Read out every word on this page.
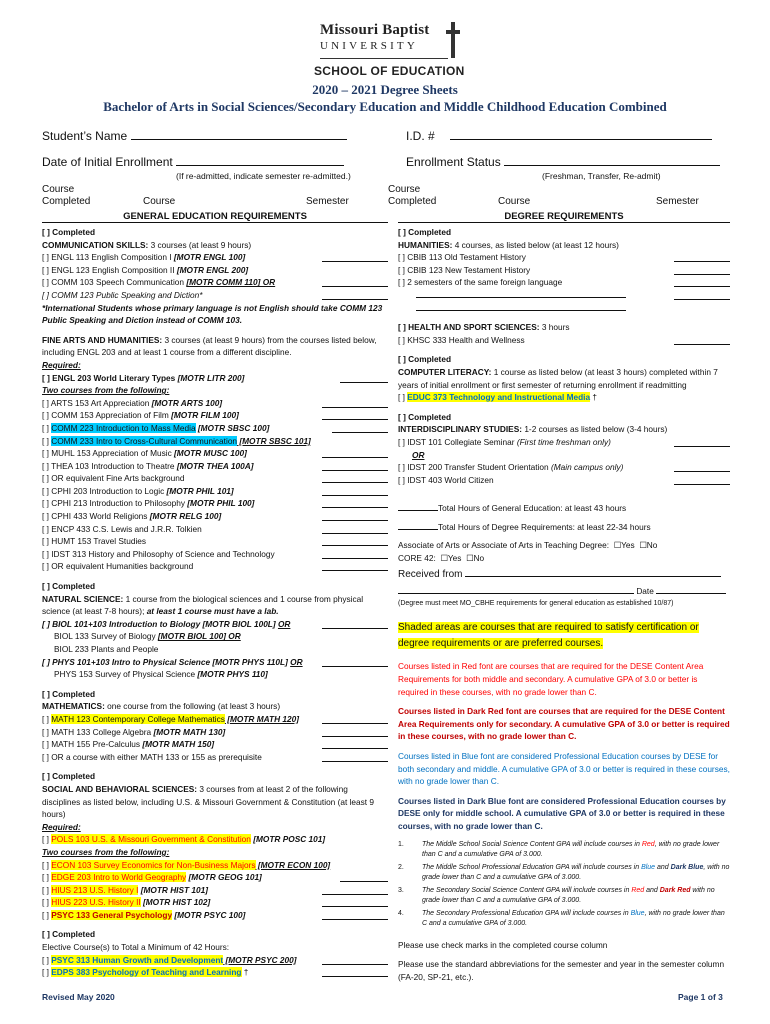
Missouri Baptist
UNIVERSITY
SCHOOL OF EDUCATION
2020 – 2021 Degree Sheets
Bachelor of Arts in Social Sciences/Secondary Education and Middle Childhood Education Combined
Student’s Name	I.D. #
Date of Initial Enrollment
(If re-admitted, indicate semester re-admitted.)
Enrollment Status
(Freshman, Transfer, Re-admit)
Course
Completed	Course	Semester
GENERAL EDUCATION REQUIREMENTS
Course
Completed	Course	Semester
DEGREE REQUIREMENTS

[ ] Completed

COMMUNICATION SKILLS: 3 courses (at least 9 hours)

[ ] ENGL 113 English Composition I [MOTR ENGL 100]

[ ] ENGL 123 English Composition II [MOTR ENGL 200]

[ ] COMM 103 Speech Communication [MOTR COMM 110] OR

[ ] COMM 123 Public Speaking and Diction*

*International Students whose primary language is not English should take COMM 123 Public Speaking and Diction instead of COMM 103.

FINE ARTS AND HUMANITIES: 3 courses (at least 9 hours) from the courses listed below, including ENGL 203 and at least 1 course from a different discipline.

Required:

[ ] ENGL 203 World Literary Types [MOTR LITR 200]

Two courses from the following:

[ ] ARTS 153 Art Appreciation [MOTR ARTS 100]

[ ] COMM 153 Appreciation of Film [MOTR FILM 100]

[ ] COMM 223 Introduction to Mass Media [MOTR SBSC 100]

[ ] COMM 233 Intro to Cross-Cultural Communication [MOTR SBSC 101]

[ ] MUHL 153 Appreciation of Music [MOTR MUSC 100]

[ ] THEA 103 Introduction to Theatre [MOTR THEA 100A]

[ ] OR equivalent Fine Arts background

[ ] CPHI 203 Introduction to Logic [MOTR PHIL 101]

[ ] CPHI 213 Introduction to Philosophy [MOTR PHIL 100]

[ ] CPHI 433 World Religions [MOTR RELG 100]

[ ] ENCP 433 C.S. Lewis and J.R.R. Tolkien

[ ] HUMT 153 Travel Studies

[ ] IDST 313 History and Philosophy of Science and Technology

[ ] OR equivalent Humanities background

[ ] Completed

NATURAL SCIENCE: 1 course from the biological sciences and 1 course from physical science (at least 7-8 hours); at least 1 course must have a lab.

[ ] BIOL 101+103 Introduction to Biology [MOTR BIOL 100L] OR

BIOL 133 Survey of Biology [MOTR BIOL 100] OR

BIOL 233 Plants and People

[ ] PHYS 101+103 Intro to Physical Science [MOTR PHYS 110L] OR

PHYS 153 Survey of Physical Science [MOTR PHYS 110]

[ ] Completed

MATHEMATICS: one course from the following (at least 3 hours)

[ ] MATH 123 Contemporary College Mathematics [MOTR MATH 120]

[ ] MATH 133 College Algebra [MOTR MATH 130]

[ ] MATH 155 Pre-Calculus [MOTR MATH 150]

[ ] OR a course with either MATH 133 or 155 as prerequisite

[ ] Completed

SOCIAL AND BEHAVIORAL SCIENCES: 3 courses from at least 2 of the following disciplines as listed below, including U.S. & Missouri Government & Constitution (at least 9 hours)

Required:

[ ] POLS 103 U.S. & Missouri Government & Constitution [MOTR POSC 101]

Two courses from the following:

[ ] ECON 103 Survey Economics for Non-Business Majors [MOTR ECON 100]

[ ] EDGE 203 Intro to World Geography [MOTR GEOG 101]

[ ] HIUS 213 U.S. History I [MOTR HIST 101]

[ ] HIUS 223 U.S. History II [MOTR HIST 102]

[ ] PSYC 133 General Psychology [MOTR PSYC 100]

[ ] Completed

Elective Course(s) to Total a Minimum of 42 Hours:

[ ] PSYC 313 Human Growth and Development [MOTR PSYC 200]

[ ] EDPS 383 Psychology of Teaching and Learning †

[ ] Completed

HUMANITIES: 4 courses, as listed below (at least 12 hours)

[ ] CBIB 113 Old Testament History

[ ] CBIB 123 New Testament History

[ ] 2 semesters of the same foreign language

[ ] HEALTH AND SPORT SCIENCES: 3 hours

[ ] KHSC 333 Health and Wellness

[ ] Completed

COMPUTER LITERACY: 1 course as listed below (at least 3 hours) completed within 7 years of initial enrollment or first semester of returning enrollment if readmitting

[ ] EDUC 373 Technology and Instructional Media †

[ ] Completed

INTERDISCIPLINARY STUDIES: 1-2 courses as listed below (3-4 hours)

[ ] IDST 101 Collegiate Seminar (First time freshman only)

OR

[ ] IDST 200 Transfer Student Orientation (Main campus only)

[ ] IDST 403 World Citizen

Total Hours of General Education: at least 43 hours

Total Hours of Degree Requirements: at least 22-34 hours

Associate of Arts or Associate of Arts in Teaching Degree: ☐Yes ☐No

CORE 42: ☐Yes ☐No

Received from

Date

(Degree must meet MO_CBHE requirements for general education as established 10/87)

Shaded areas are courses that are required to satisfy certification or

degree requirements or are preferred courses.

Courses listed in Red font are courses that are required for the DESE Content Area Requirements for both middle and secondary. A cumulative GPA of 3.0 or better is required in these courses, with no grade lower than C.

Courses listed in Dark Red font are courses that are required for the DESE Content Area Requirements only for secondary. A cumulative GPA of 3.0 or better is required in these courses, with no grade lower than C.

Courses listed in Blue font are considered Professional Education courses by DESE for both secondary and middle. A cumulative GPA of 3.0 or better is required in these courses, with no grade lower than C.

Courses listed in Dark Blue font are considered Professional Education courses by DESE only for middle school. A cumulative GPA of 3.0 or better is required in these courses, with no grade lower than C.

1.	The Middle School Social Science Content GPA will include courses in Red, with no grade lower than C and a cumulative GPA of 3.000.
2.	The Middle School Professional Education GPA will include courses in Blue and Dark Blue, with no grade lower than C and a cumulative GPA of 3.000.
3.	The Secondary Social Science Content GPA will include courses in Red and Dark Red with no grade lower than C and a cumulative GPA of 3.000.
4.	The Secondary Professional Education GPA will include courses in Blue, with no grade lower than C and a cumulative GPA of 3.000.

Please use check marks in the completed course column

Please use the standard abbreviations for the semester and year in the semester column (FA-20, SP-21, etc.).

Revised May 2020	Page 1 of 3
